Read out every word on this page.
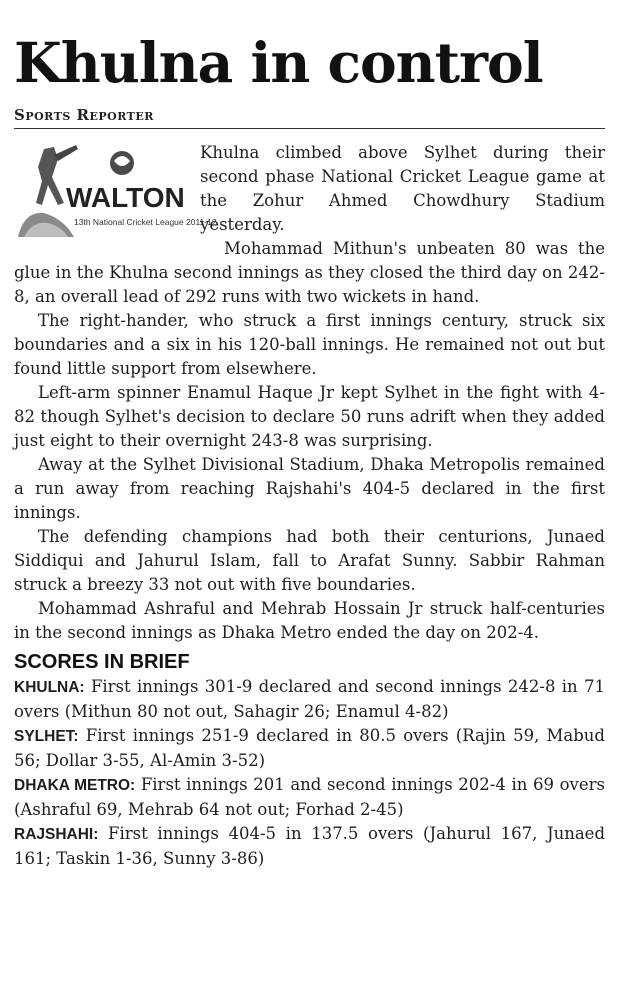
Khulna in control
Sports Reporter
WALTON
13th National Cricket League 2011-12

Khulna climbed above Sylhet during their second phase National Cricket League game at the Zohur Ahmed Chowdhury Stadium yesterday.

Mohammad Mithun's unbeaten 80 was the glue in the Khulna second innings as they closed the third day on 242-8, an overall lead of 292 runs with two wickets in hand.

The right-hander, who struck a first innings century, struck six boundaries and a six in his 120-ball innings. He remained not out but found little support from elsewhere.

Left-arm spinner Enamul Haque Jr kept Sylhet in the fight with 4-82 though Sylhet's decision to declare 50 runs adrift when they added just eight to their overnight 243-8 was surprising.

Away at the Sylhet Divisional Stadium, Dhaka Metropolis remained a run away from reaching Rajshahi's 404-5 declared in the first innings.

The defending champions had both their centurions, Junaed Siddiqui and Jahurul Islam, fall to Arafat Sunny. Sabbir Rahman struck a breezy 33 not out with five boundaries.

Mohammad Ashraful and Mehrab Hossain Jr struck half-centuries in the second innings as Dhaka Metro ended the day on 202-4.

SCORES IN BRIEF

KHULNA: First innings 301-9 declared and second innings 242-8 in 71 overs (Mithun 80 not out, Sahagir 26; Enamul 4-82)

SYLHET: First innings 251-9 declared in 80.5 overs (Rajin 59, Mabud 56; Dollar 3-55, Al-Amin 3-52)

DHAKA METRO: First innings 201 and second innings 202-4 in 69 overs (Ashraful 69, Mehrab 64 not out; Forhad 2-45)

RAJSHAHI: First innings 404-5 in 137.5 overs (Jahurul 167, Junaed 161; Taskin 1-36, Sunny 3-86)
